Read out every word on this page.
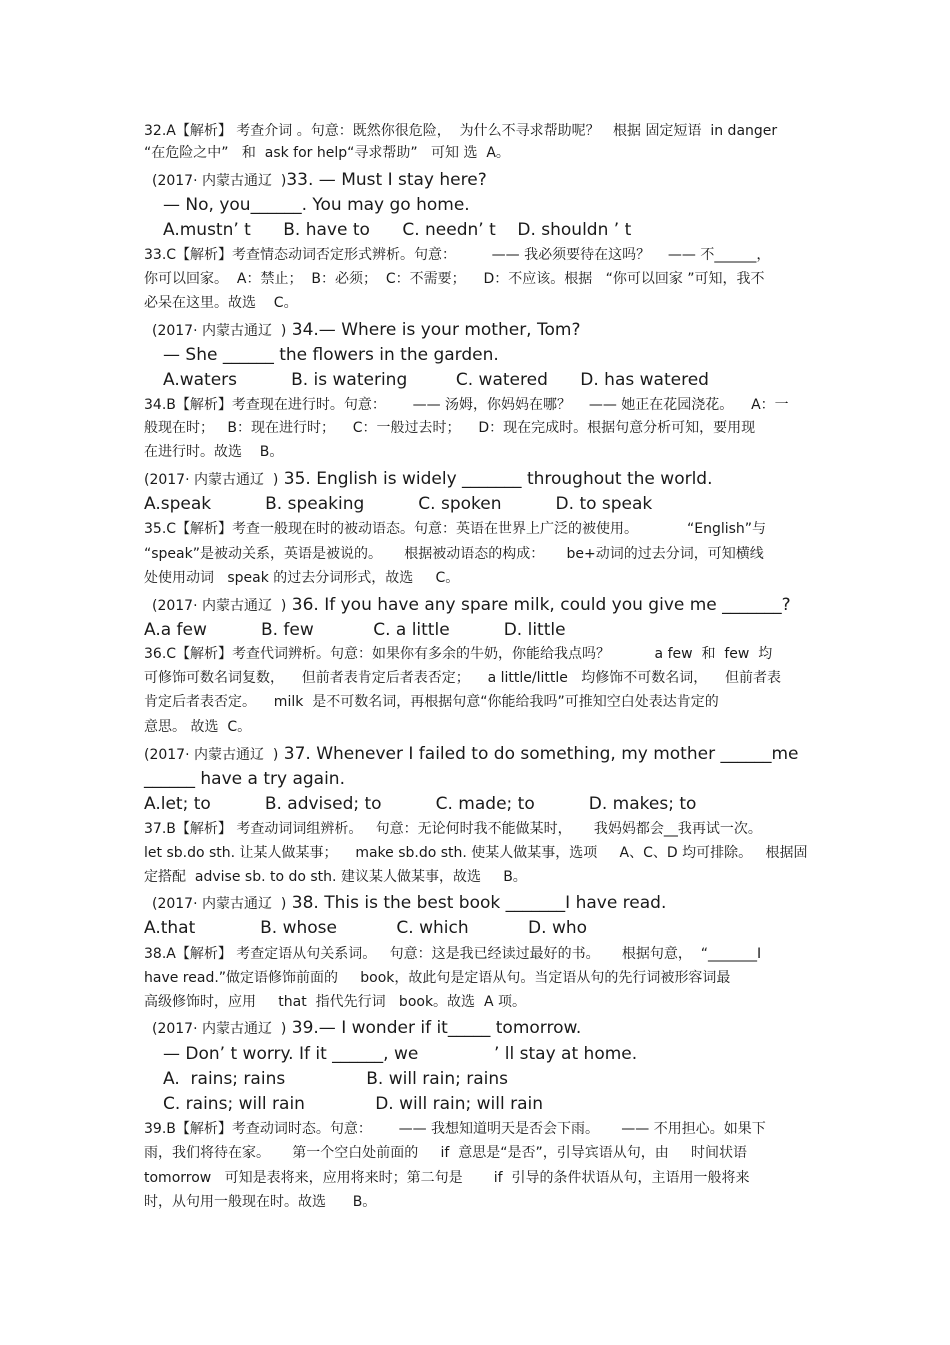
32.A【解析】 考查介词 。句意：既然你很危险，  为什么不寻求帮助呢？   根据 固定短语  in danger
“在危险之中”   和  ask for help“寻求帮助”   可知 选  A。
(2017· 内蒙古通辽  )33. — Must I stay here?
— No, you______. You may go home.
A.mustn’ t      B. have to      C. needn’ t    D. shouldn ’ t
33.C【解析】考查情态动词否定形式辨析。句意：        —— 我必须要待在这吗？    —— 不______，
你可以回家。  A：禁止；  B：必须；  C：不需要；    D：不应该。根据   “你可以回家 ”可知，我不
必呆在这里。故选    C。
(2017· 内蒙古通辽  ) 34.— Where is your mother, Tom?
— She ______ the flowers in the garden.
A.waters          B. is watering         C. watered      D. has watered
34.B【解析】考查现在进行时。句意：      —— 汤姆，你妈妈在哪？    —— 她正在花园浇花。    A：一
般现在时；   B：现在进行时；    C：一般过去时；    D：现在完成时。根据句意分析可知，要用现
在进行时。故选    B。
(2017· 内蒙古通辽  ) 35. English is widely _______ throughout the world.
A.speak          B. speaking          C. spoken          D. to speak
35.C【解析】考查一般现在时的被动语态。句意：英语在世界上广泛的被使用。           “English”与
“speak”是被动关系，英语是被说的。     根据被动语态的构成：     be+动词的过去分词，可知横线
处使用动词   speak 的过去分词形式，故选     C。
(2017· 内蒙古通辽  ) 36. If you have any spare milk, could you give me _______?
A.a few          B. few           C. a little          D. little
36.C【解析】考查代词辨析。句意：如果你有多余的牛奶，你能给我点吗？          a few  和  few  均
可修饰可数名词复数，    但前者表肯定后者表否定；    a little/little   均修饰不可数名词，    但前者表
肯定后者表否定。    milk  是不可数名词，再根据句意“你能给我吗”可推知空白处表达肯定的
意思。 故选  C。
(2017· 内蒙古通辽  ) 37. Whenever I failed to do something, my mother ______me
______ have a try again.
A.let; to          B. advised; to          C. made; to          D. makes; to
37.B【解析】 考查动词词组辨析。   句意：无论何时我不能做某时，     我妈妈都会__我再试一次。
let sb.do sth. 让某人做某事；    make sb.do sth. 使某人做某事，选项     A、C、D 均可排除。   根据固
定搭配  advise sb. to do sth. 建议某人做某事，故选     B。
(2017· 内蒙古通辽  ) 38. This is the best book _______I have read.
A.that            B. whose           C. which           D. who
38.A【解析】 考查定语从句关系词。   句意：这是我已经读过最好的书。     根据句意，  “_______I
have read.”做定语修饰前面的     book，故此句是定语从句。当定语从句的先行词被形容词最
高级修饰时，应用     that  指代先行词   book。故选  A 项。
(2017· 内蒙古通辽  ) 39.— I wonder if it_____ tomorrow.
— Don’ t worry. If it ______, we              ’ ll stay at home.
A.  rains; rains               B. will rain; rains
C. rains; will rain             D. will rain; will rain
39.B【解析】考查动词时态。句意：      —— 我想知道明天是否会下雨。     —— 不用担心。如果下
雨，我们将待在家。     第一个空白处前面的     if  意思是“是否”，引导宾语从句，由     时间状语
tomorrow   可知是表将来，应用将来时；第二句是       if  引导的条件状语从句，主语用一般将来
时，从句用一般现在时。故选      B。
